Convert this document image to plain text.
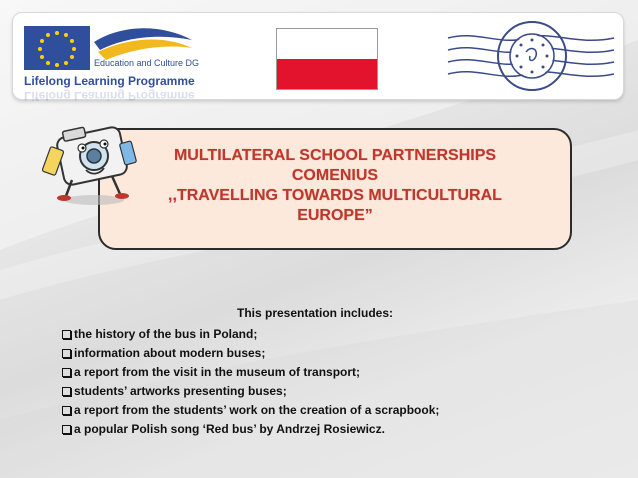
Education and Culture DG
Lifelong Learning Programme
Lifelong Learning Programme
MULTILATERAL SCHOOL PARTNERSHIPS
COMENIUS
,,TRAVELLING TOWARDS MULTICULTURAL
EUROPE”
This presentation includes:
the history of the bus in Poland;
information about modern buses;
a report from the visit in the museum of transport;
students’ artworks presenting buses;
a report from the students’ work on the creation of a scrapbook;
a popular Polish song ‘Red bus’ by Andrzej Rosiewicz.
